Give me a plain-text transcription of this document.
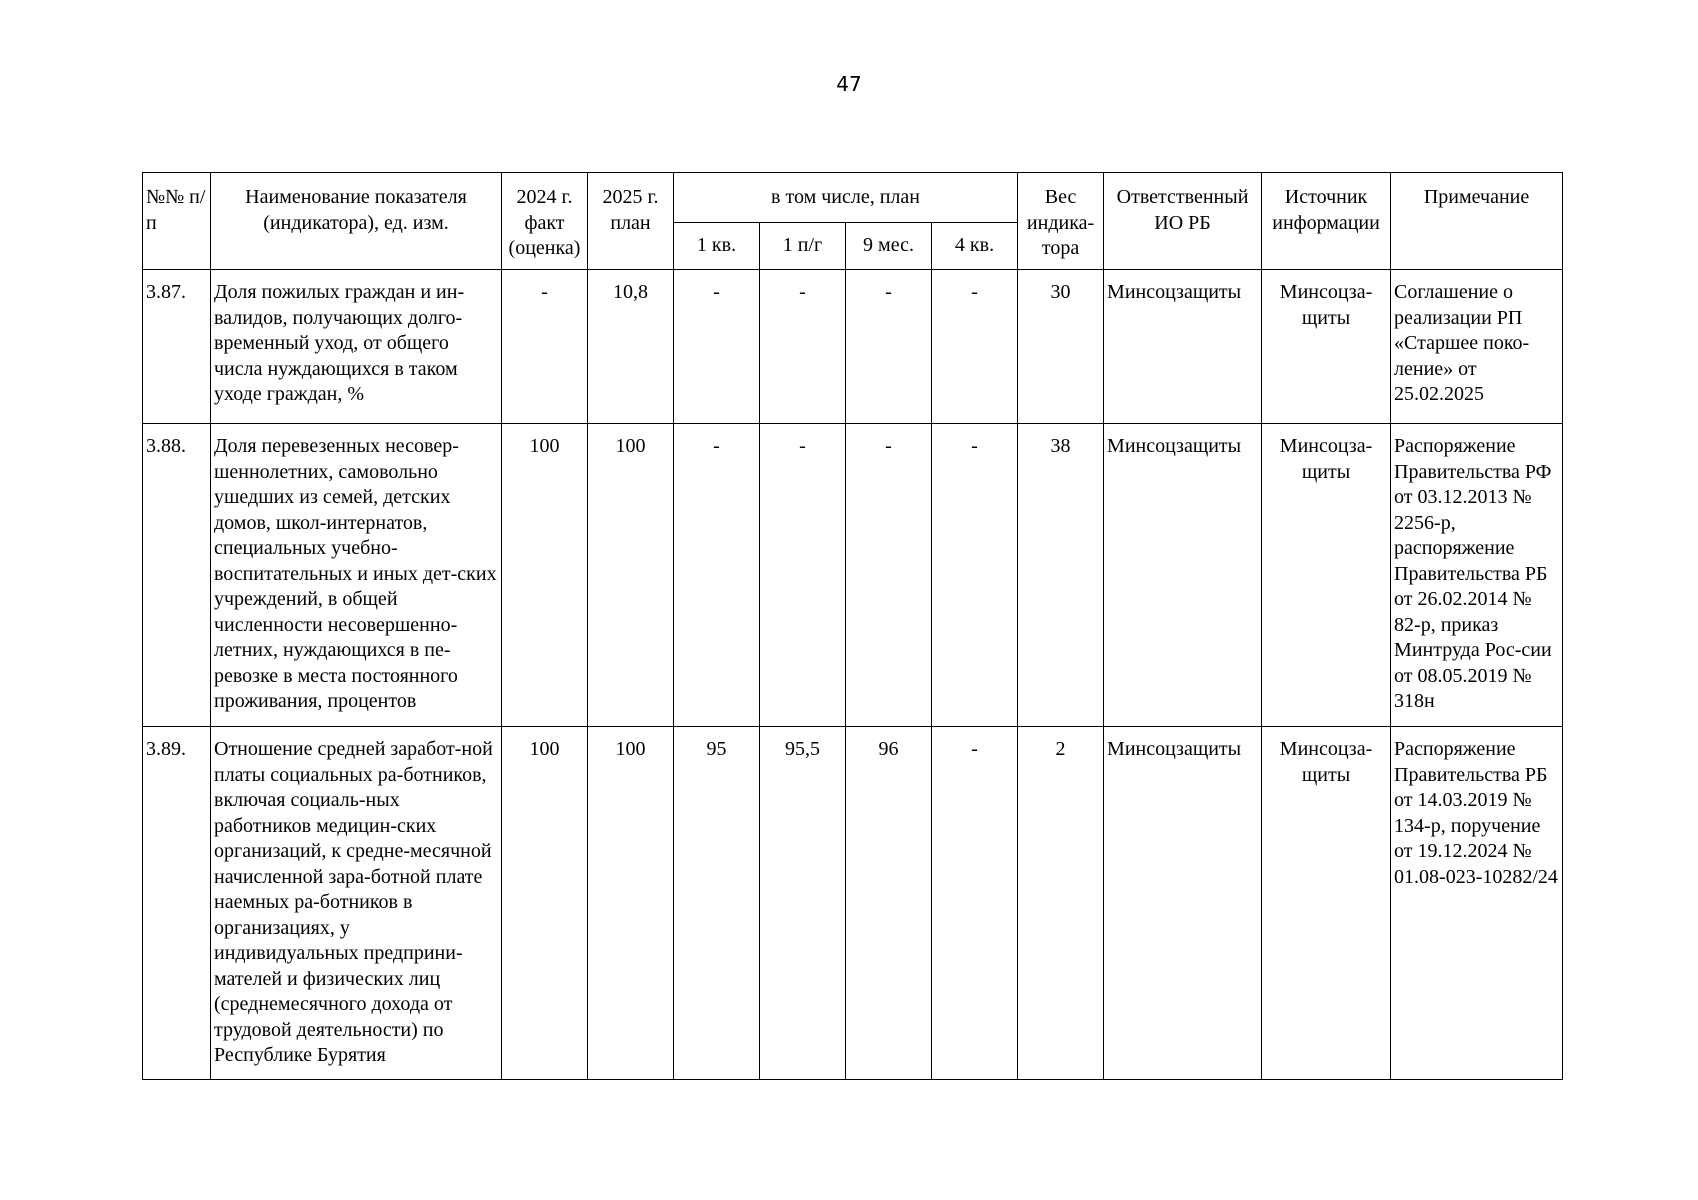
47
№№ п/п	Наименование показателя (индикатора), ед. изм.	2024 г. факт (оценка)	2025 г. план	в том числе, план				Вес индика-тора	Ответственный ИО РБ	Источник информации	Примечание
				1 кв.	1 п/г	9 мес.	4 кв.				
3.87.	Доля пожилых граждан и ин-валидов, получающих долго-временный уход, от общего числа нуждающихся в таком уходе граждан, %	-	10,8	-	-	-	-	30	Минсоцзащиты	Минсоцза-щиты	Соглашение о реализации РП «Старшее поко-ление» от 25.02.2025
3.88.	Доля перевезенных несовер-шеннолетних, самовольно ушедших из семей, детских домов, школ-интернатов, специальных учебно-воспитательных и иных дет-ских учреждений, в общей численности несовершенно-летних, нуждающихся в пе-ревозке в места постоянного проживания, процентов	100	100	-	-	-	-	38	Минсоцзащиты	Минсоцза-щиты	Распоряжение Правительства РФ от 03.12.2013 № 2256-р, распоряжение Правительства РБ от 26.02.2014 № 82-р, приказ Минтруда Рос-сии от 08.05.2019 № 318н
3.89.	Отношение средней заработ-ной платы социальных ра-ботников, включая социаль-ных работников медицин-ских организаций, к средне-месячной начисленной зара-ботной плате наемных ра-ботников в организациях, у индивидуальных предприни-мателей и физических лиц (среднемесячного дохода от трудовой деятельности) по Республике Бурятия	100	100	95	95,5	96	-	2	Минсоцзащиты	Минсоцза-щиты	Распоряжение Правительства РБ от 14.03.2019 № 134-р, поручение от 19.12.2024 № 01.08-023-10282/24
